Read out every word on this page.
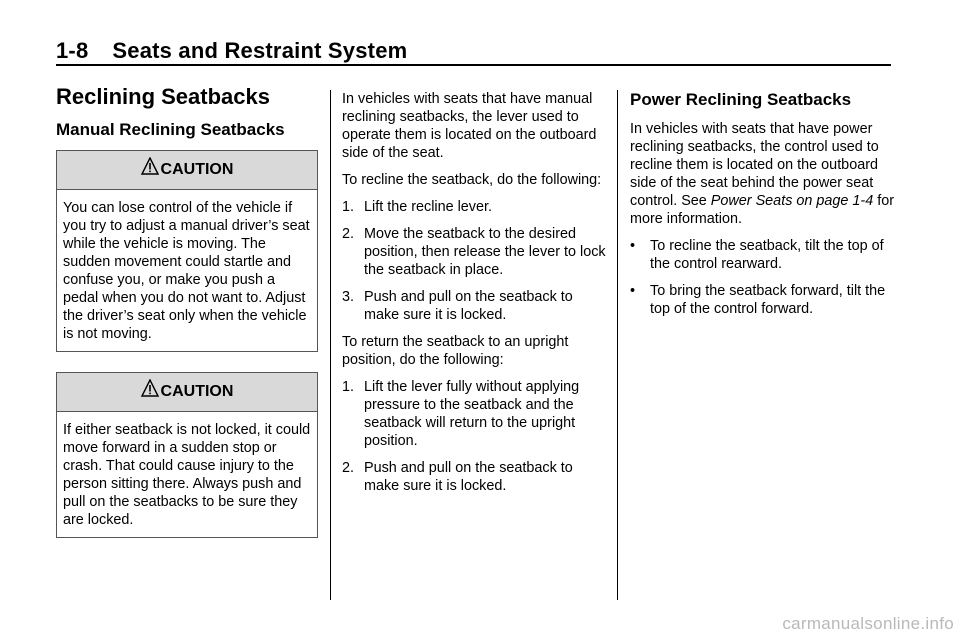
1-8 Seats and Restraint System
Reclining Seatbacks
Manual Reclining Seatbacks
CAUTION
You can lose control of the vehicle if you try to adjust a manual driver’s seat while the vehicle is moving. The sudden movement could startle and confuse you, or make you push a pedal when you do not want to. Adjust the driver’s seat only when the vehicle is not moving.
CAUTION
If either seatback is not locked, it could move forward in a sudden stop or crash. That could cause injury to the person sitting there. Always push and pull on the seatbacks to be sure they are locked.

In vehicles with seats that have manual reclining seatbacks, the lever used to operate them is located on the outboard side of the seat.

To recline the seatback, do the following:

1. Lift the recline lever.
2. Move the seatback to the desired position, then release the lever to lock the seatback in place.
3. Push and pull on the seatback to make sure it is locked.

To return the seatback to an upright position, do the following:

1. Lift the lever fully without applying pressure to the seatback and the seatback will return to the upright position.
2. Push and pull on the seatback to make sure it is locked.
Power Reclining Seatbacks

In vehicles with seats that have power reclining seatbacks, the control used to recline them is located on the outboard side of the seat behind the power seat control. See Power Seats on page 1-4 for more information.

• To recline the seatback, tilt the top of the control rearward.
• To bring the seatback forward, tilt the top of the control forward.
carmanualsonline.info
